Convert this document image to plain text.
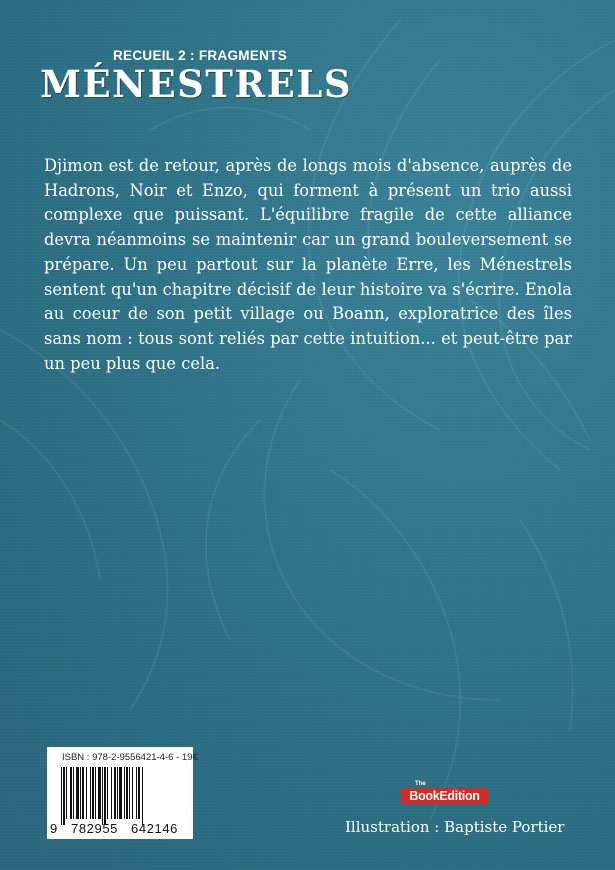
RECUEIL 2 : FRAGMENTS
MÉNESTRELS

Djimon est de retour, après de longs mois d'absence, auprès de Hadrons, Noir et Enzo, qui forment à présent un trio aussi complexe que puissant. L'équilibre fragile de cette alliance devra néanmoins se maintenir car un grand bouleversement se prépare. Un peu partout sur la planète Erre, les Ménestrels sentent qu'un chapitre décisif de leur histoire va s'écrire. Enola au coeur de son petit village ou Boann, exploratrice des îles sans nom : tous sont reliés par cette intuition... et peut-être par un peu plus que cela.

ISBN : 978-2-9556421-4-6 - 19€
9 782955 642146
BookEdition
The
Illustration : Baptiste Portier
